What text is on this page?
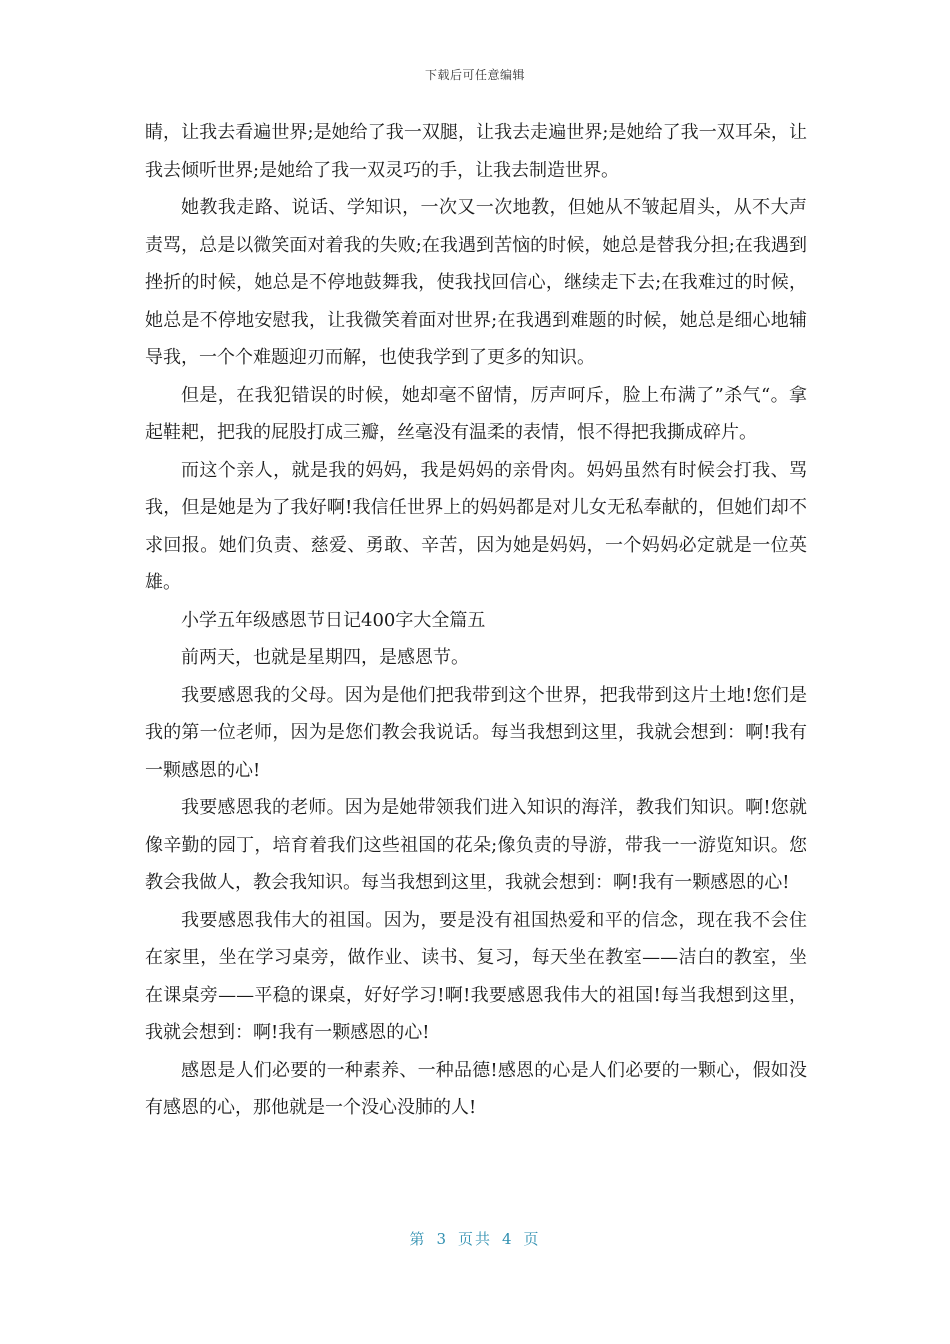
下载后可任意编辑

睛，让我去看遍世界;是她给了我一双腿，让我去走遍世界;是她给了我一双耳朵，让我去倾听世界;是她给了我一双灵巧的手，让我去制造世界。

她教我走路、说话、学知识，一次又一次地教，但她从不皱起眉头，从不大声责骂，总是以微笑面对着我的失败;在我遇到苦恼的时候，她总是替我分担;在我遇到挫折的时候，她总是不停地鼓舞我，使我找回信心，继续走下去;在我难过的时候，她总是不停地安慰我，让我微笑着面对世界;在我遇到难题的时候，她总是细心地辅导我，一个个难题迎刃而解，也使我学到了更多的知识。

但是，在我犯错误的时候，她却毫不留情，厉声呵斥，脸上布满了”杀气“。拿起鞋耙，把我的屁股打成三瓣，丝毫没有温柔的表情，恨不得把我撕成碎片。

而这个亲人，就是我的妈妈，我是妈妈的亲骨肉。妈妈虽然有时候会打我、骂我，但是她是为了我好啊!我信任世界上的妈妈都是对儿女无私奉献的，但她们却不求回报。她们负责、慈爱、勇敢、辛苦，因为她是妈妈，一个妈妈必定就是一位英雄。

小学五年级感恩节日记400字大全篇五

前两天，也就是星期四，是感恩节。

我要感恩我的父母。因为是他们把我带到这个世界，把我带到这片土地!您们是我的第一位老师，因为是您们教会我说话。每当我想到这里，我就会想到：啊!我有一颗感恩的心!

我要感恩我的老师。因为是她带领我们进入知识的海洋，教我们知识。啊!您就像辛勤的园丁，培育着我们这些祖国的花朵;像负责的导游，带我一一游览知识。您教会我做人，教会我知识。每当我想到这里，我就会想到：啊!我有一颗感恩的心!

我要感恩我伟大的祖国。因为，要是没有祖国热爱和平的信念，现在我不会住在家里，坐在学习桌旁，做作业、读书、复习，每天坐在教室——洁白的教室，坐在课桌旁——平稳的课桌，好好学习!啊!我要感恩我伟大的祖国!每当我想到这里，我就会想到：啊!我有一颗感恩的心!

感恩是人们必要的一种素养、一种品德!感恩的心是人们必要的一颗心，假如没有感恩的心，那他就是一个没心没肺的人!

第 3 页共 4 页
